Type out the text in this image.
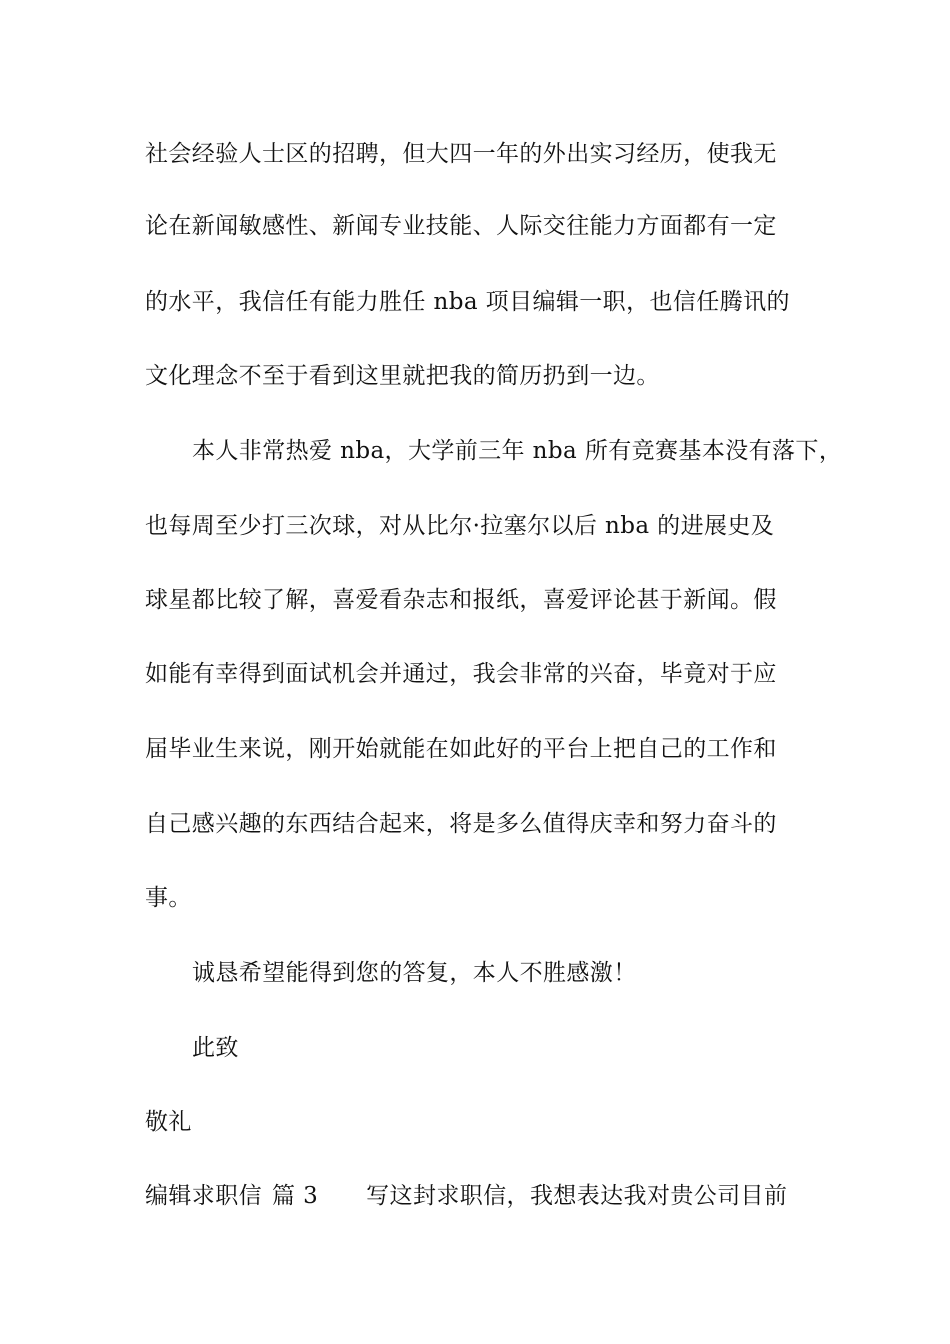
社会经验人士区的招聘，但大四一年的外出实习经历，使我无
论在新闻敏感性、新闻专业技能、人际交往能力方面都有一定
的水平，我信任有能力胜任 nba 项目编辑一职，也信任腾讯的
文化理念不至于看到这里就把我的简历扔到一边。
本人非常热爱 nba，大学前三年 nba 所有竞赛基本没有落下，
也每周至少打三次球，对从比尔·拉塞尔以后 nba 的进展史及
球星都比较了解，喜爱看杂志和报纸，喜爱评论甚于新闻。假
如能有幸得到面试机会并通过，我会非常的兴奋，毕竟对于应
届毕业生来说，刚开始就能在如此好的平台上把自己的工作和
自己感兴趣的东西结合起来，将是多么值得庆幸和努力奋斗的
事。
诚恳希望能得到您的答复，本人不胜感激！
此致
敬礼
编辑求职信 篇 3 写这封求职信，我想表达我对贵公司目前
